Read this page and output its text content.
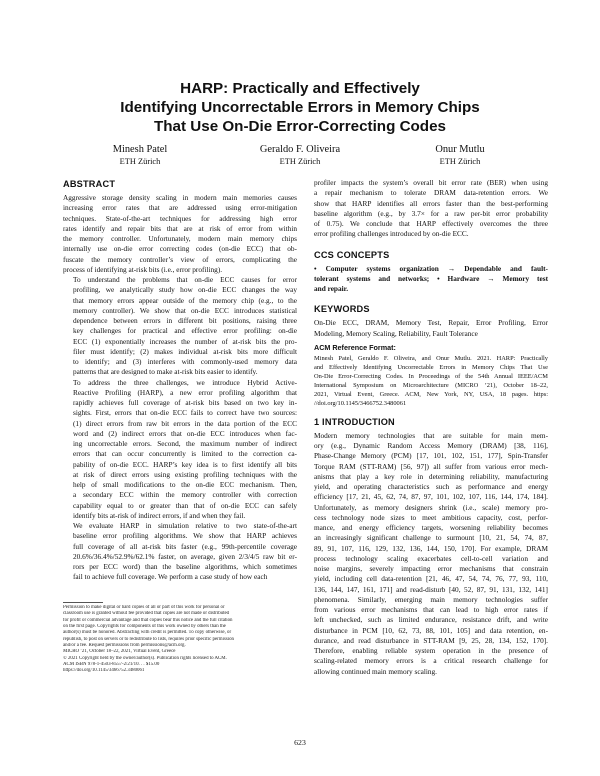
HARP: Practically and Effectively
Identifying Uncorrectable Errors in Memory Chips
That Use On-Die Error-Correcting Codes
Minesh Patel
ETH Zürich
Geraldo F. Oliveira
ETH Zürich
Onur Mutlu
ETH Zürich
ABSTRACT
Aggressive storage density scaling in modern main memories causes
increasing error rates that are addressed using error-mitigation
techniques. State-of-the-art techniques for addressing high error
rates identify and repair bits that are at risk of error from within
the memory controller. Unfortunately, modern main memory chips
internally use on-die error correcting codes (on-die ECC) that ob-
fuscate the memory controller’s view of errors, complicating the
process of identifying at-risk bits (i.e., error profiling).
To understand the problems that on-die ECC causes for error
profiling, we analytically study how on-die ECC changes the way
that memory errors appear outside of the memory chip (e.g., to the
memory controller). We show that on-die ECC introduces statistical
dependence between errors in different bit positions, raising three
key challenges for practical and effective error profiling: on-die
ECC (1) exponentially increases the number of at-risk bits the pro-
filer must identify; (2) makes individual at-risk bits more difficult
to identify; and (3) interferes with commonly-used memory data
patterns that are designed to make at-risk bits easier to identify.
To address the three challenges, we introduce Hybrid Active-
Reactive Profiling (HARP), a new error profiling algorithm that
rapidly achieves full coverage of at-risk bits based on two key in-
sights. First, errors that on-die ECC fails to correct have two sources:
(1) direct errors from raw bit errors in the data portion of the ECC
word and (2) indirect errors that on-die ECC introduces when fac-
ing uncorrectable errors. Second, the maximum number of indirect
errors that can occur concurrently is limited to the correction ca-
pability of on-die ECC. HARP’s key idea is to first identify all bits
at risk of direct errors using existing profiling techniques with the
help of small modifications to the on-die ECC mechanism. Then,
a secondary ECC within the memory controller with correction
capability equal to or greater than that of on-die ECC can safely
identify bits at-risk of indirect errors, if and when they fail.
We evaluate HARP in simulation relative to two state-of-the-art
baseline error profiling algorithms. We show that HARP achieves
full coverage of all at-risk bits faster (e.g., 99th-percentile coverage
20.6%/36.4%/52.9%/62.1% faster, on average, given 2/3/4/5 raw bit er-
rors per ECC word) than the baseline algorithms, which sometimes
fail to achieve full coverage. We perform a case study of how each
Permission to make digital or hard copies of all or part of this work for personal or
classroom use is granted without fee provided that copies are not made or distributed
for profit or commercial advantage and that copies bear this notice and the full citation
on the first page. Copyrights for components of this work owned by others than the
author(s) must be honored. Abstracting with credit is permitted. To copy otherwise, or
republish, to post on servers or to redistribute to lists, requires prior specific permission
and/or a fee. Request permissions from permissions@acm.org.
MICRO ’21, October 18–22, 2021, Virtual Event, Greece
© 2021 Copyright held by the owner/author(s). Publication rights licensed to ACM.
ACM ISBN 978-1-4503-8557-2/21/10. . . $15.00
https://doi.org/10.1145/3466752.3480061
profiler impacts the system’s overall bit error rate (BER) when using
a repair mechanism to tolerate DRAM data-retention errors. We
show that HARP identifies all errors faster than the best-performing
baseline algorithm (e.g., by 3.7× for a raw per-bit error probability
of 0.75). We conclude that HARP effectively overcomes the three
error profiling challenges introduced by on-die ECC.
CCS CONCEPTS
• Computer systems organization → Dependable and fault-
tolerant systems and networks; • Hardware → Memory test
and repair.
KEYWORDS
On-Die ECC, DRAM, Memory Test, Repair, Error Profiling, Error
Modeling, Memory Scaling, Reliability, Fault Tolerance
ACM Reference Format:
Minesh Patel, Geraldo F. Oliveira, and Onur Mutlu. 2021. HARP: Practically
and Effectively Identifying Uncorrectable Errors in Memory Chips That Use
On-Die Error-Correcting Codes. In Proceedings of the 54th Annual IEEE/ACM
International Symposium on Microarchitecture (MICRO ’21), October 18–22,
2021, Virtual Event, Greece. ACM, New York, NY, USA, 18 pages. https:
//doi.org/10.1145/3466752.3480061
1 INTRODUCTION
Modern memory technologies that are suitable for main mem-
ory (e.g., Dynamic Random Access Memory (DRAM) [38, 116],
Phase-Change Memory (PCM) [17, 101, 102, 151, 177], Spin-Transfer
Torque RAM (STT-RAM) [56, 97]) all suffer from various error mech-
anisms that play a key role in determining reliability, manufacturing
yield, and operating characteristics such as performance and energy
efficiency [17, 21, 45, 62, 74, 87, 97, 101, 102, 107, 116, 144, 174, 184].
Unfortunately, as memory designers shrink (i.e., scale) memory pro-
cess technology node sizes to meet ambitious capacity, cost, perfor-
mance, and energy efficiency targets, worsening reliability becomes
an increasingly significant challenge to surmount [10, 21, 54, 74, 87,
89, 91, 107, 116, 129, 132, 136, 144, 150, 170]. For example, DRAM
process technology scaling exacerbates cell-to-cell variation and
noise margins, severely impacting error mechanisms that constrain
yield, including cell data-retention [21, 46, 47, 54, 74, 76, 77, 93, 110,
136, 144, 147, 161, 171] and read-disturb [40, 52, 87, 91, 131, 132, 141]
phenomena. Similarly, emerging main memory technologies suffer
from various error mechanisms that can lead to high error rates if
left unchecked, such as limited endurance, resistance drift, and write
disturbance in PCM [10, 62, 73, 88, 101, 105] and data retention, en-
durance, and read disturbance in STT-RAM [9, 25, 28, 134, 152, 170].
Therefore, enabling reliable system operation in the presence of
scaling-related memory errors is a critical research challenge for
allowing continued main memory scaling.
623
